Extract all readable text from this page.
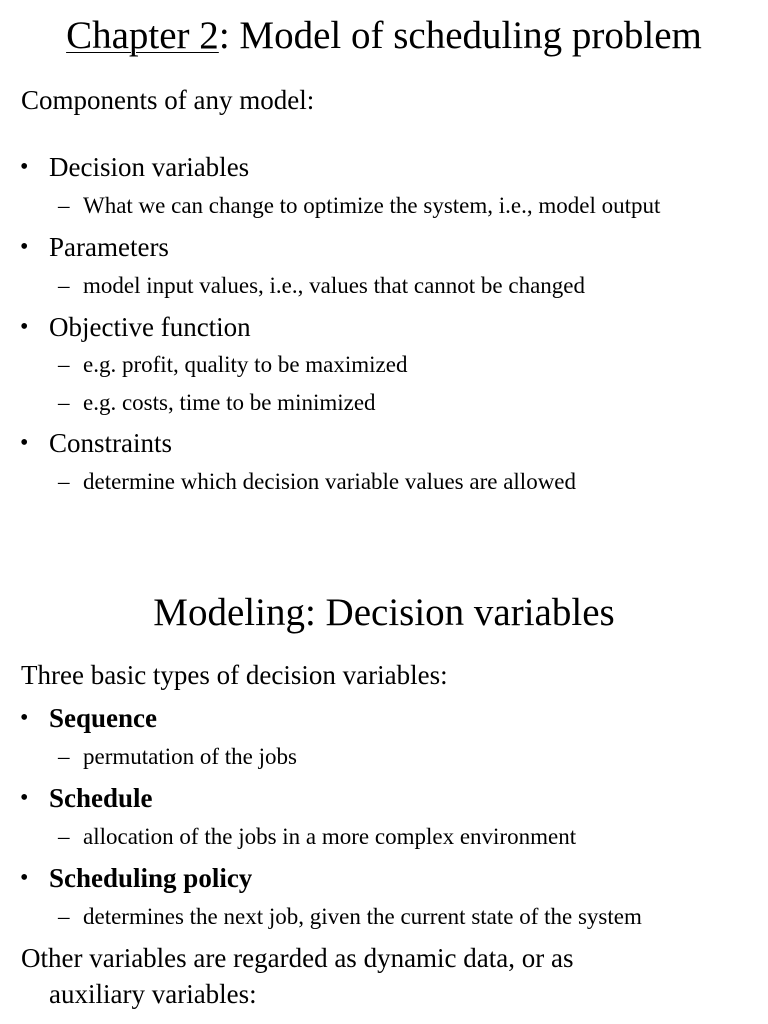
Chapter 2: Model of scheduling problem
Components of any model:
• Decision variables
– What we can change to optimize the system, i.e., model output
• Parameters
– model input values, i.e., values that cannot be changed
• Objective function
– e.g. profit, quality to be maximized
– e.g. costs, time to be minimized
• Constraints
– determine which decision variable values are allowed
Modeling: Decision variables
Three basic types of decision variables:
• Sequence
– permutation of the jobs
• Schedule
– allocation of the jobs in a more complex environment
• Scheduling policy
– determines the next job, given the current state of the system
Other variables are regarded as dynamic data, or as
auxiliary variables:
